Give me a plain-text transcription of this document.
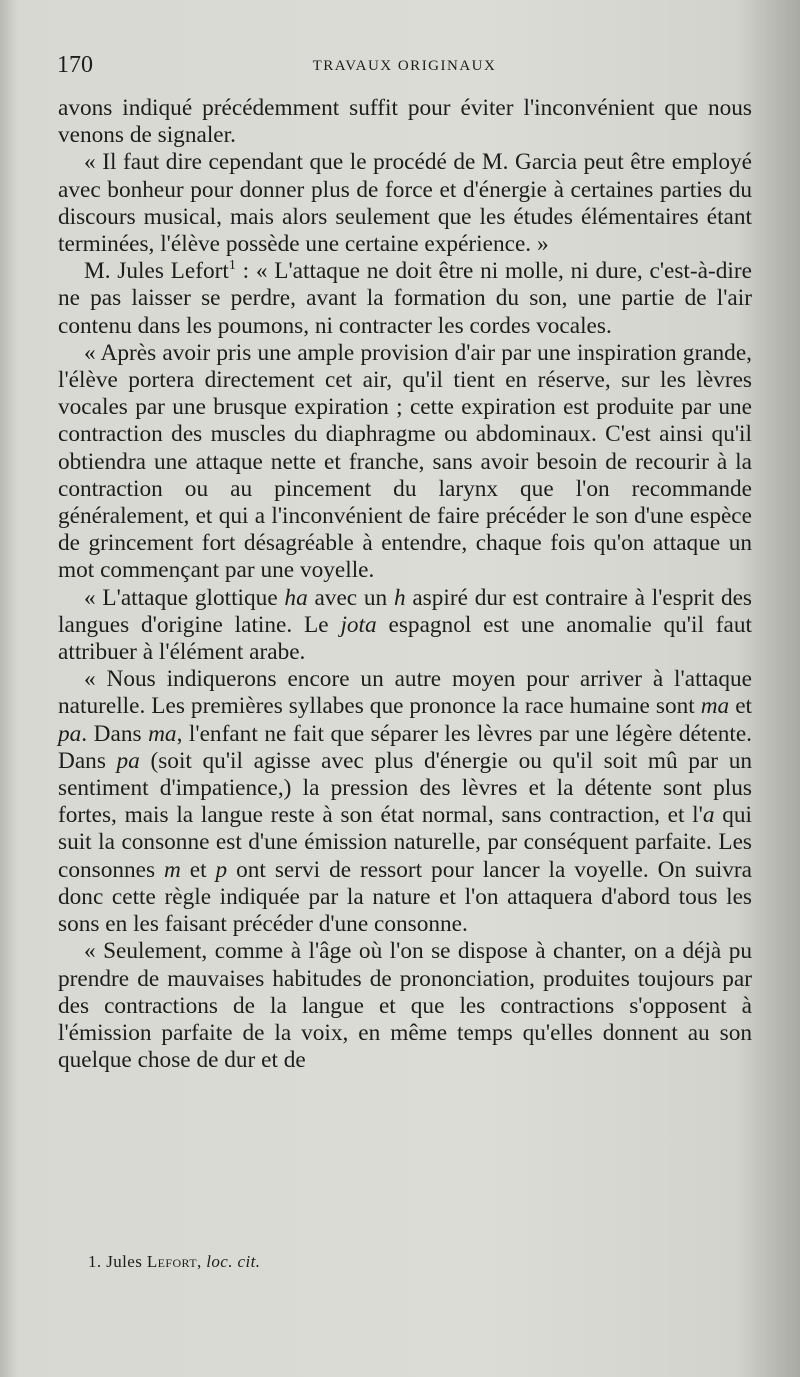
170	TRAVAUX ORIGINAUX

avons indiqué précédemment suffit pour éviter l'inconvénient que nous venons de signaler.

« Il faut dire cependant que le procédé de M. Garcia peut être employé avec bonheur pour donner plus de force et d'énergie à certaines parties du discours musical, mais alors seulement que les études élémentaires étant terminées, l'élève possède une certaine expérience. »

M. Jules Lefort$^1$ : « L'attaque ne doit être ni molle, ni dure, c'est-à-dire ne pas laisser se perdre, avant la formation du son, une partie de l'air contenu dans les poumons, ni contracter les cordes vocales.

« Après avoir pris une ample provision d'air par une inspiration grande, l'élève portera directement cet air, qu'il tient en réserve, sur les lèvres vocales par une brusque expiration ; cette expiration est produite par une contraction des muscles du diaphragme ou abdominaux. C'est ainsi qu'il obtiendra une attaque nette et franche, sans avoir besoin de recourir à la contraction ou au pincement du larynx que l'on recommande généralement, et qui a l'inconvénient de faire précéder le son d'une espèce de grincement fort désagréable à entendre, chaque fois qu'on attaque un mot commençant par une voyelle.

« L'attaque glottique ha avec un h aspiré dur est contraire à l'esprit des langues d'origine latine. Le jota espagnol est une anomalie qu'il faut attribuer à l'élément arabe.

« Nous indiquerons encore un autre moyen pour arriver à l'attaque naturelle. Les premières syllabes que prononce la race humaine sont ma et pa. Dans ma, l'enfant ne fait que séparer les lèvres par une légère détente. Dans pa (soit qu'il agisse avec plus d'énergie ou qu'il soit mû par un sentiment d'impatience,) la pression des lèvres et la détente sont plus fortes, mais la langue reste à son état normal, sans contraction, et l'a qui suit la consonne est d'une émission naturelle, par conséquent parfaite. Les consonnes m et p ont servi de ressort pour lancer la voyelle. On suivra donc cette règle indiquée par la nature et l'on attaquera d'abord tous les sons en les faisant précéder d'une consonne.

« Seulement, comme à l'âge où l'on se dispose à chanter, on a déjà pu prendre de mauvaises habitudes de prononciation, produites toujours par des contractions de la langue et que les contractions s'opposent à l'émission parfaite de la voix, en même temps qu'elles donnent au son quelque chose de dur et de

1. Jules Lefort, loc. cit.
